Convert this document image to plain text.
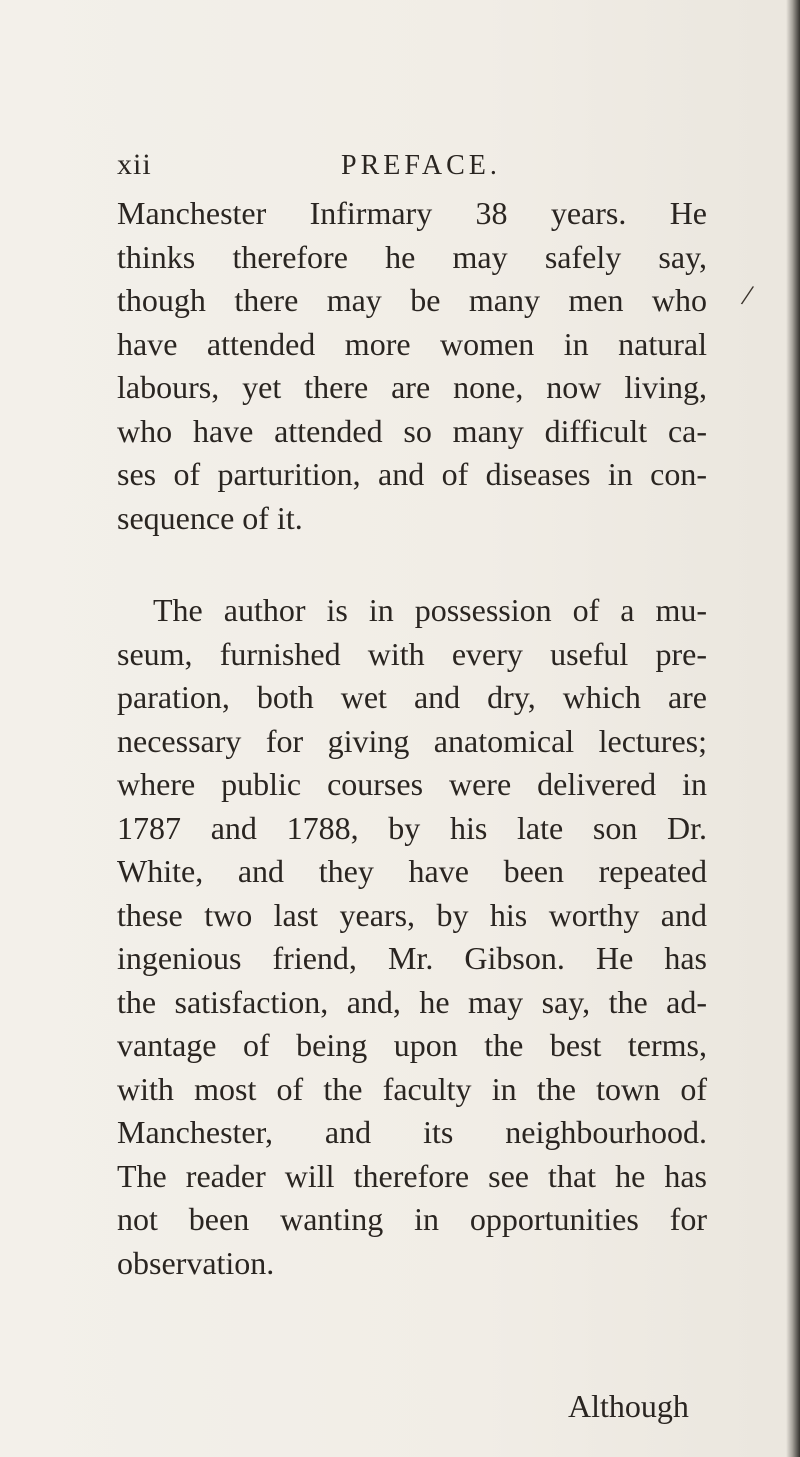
xii	PREFACE.
Manchester Infirmary 38 years. He
thinks therefore he may safely say,
though there may be many men who
have attended more women in natural
labours, yet there are none, now living,
who have attended so many difficult ca-
ses of parturition, and of diseases in con-
sequence of it.
The author is in possession of a mu-
seum, furnished with every useful pre-
paration, both wet and dry, which are
necessary for giving anatomical lectures;
where public courses were delivered in
1787 and 1788, by his late son Dr.
White, and they have been repeated
these two last years, by his worthy and
ingenious friend, Mr. Gibson. He has
the satisfaction, and, he may say, the ad-
vantage of being upon the best terms,
with most of the faculty in the town of
Manchester, and its neighbourhood.
The reader will therefore see that he has
not been wanting in opportunities for
observation.
Although
/
